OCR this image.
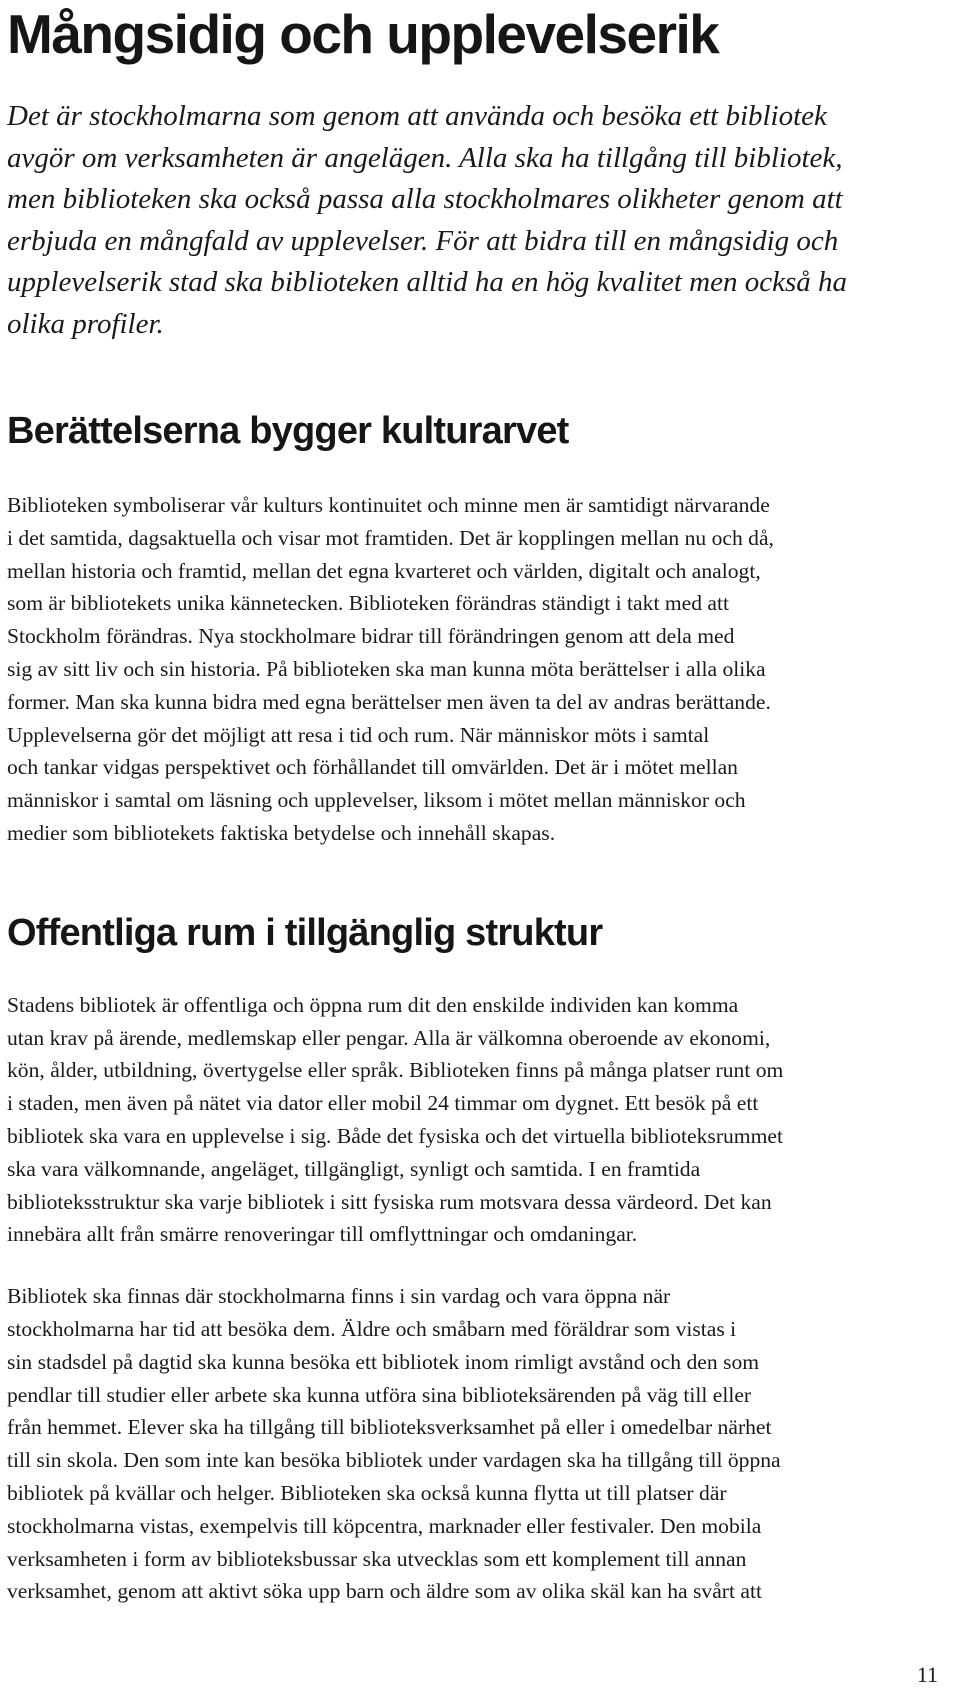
Mångsidig och upplevelserik

Det är stockholmarna som genom att använda och besöka ett bibliotek
avgör om verksamheten är angelägen. Alla ska ha tillgång till bibliotek,
men biblioteken ska också passa alla stockholmares olikheter genom att
erbjuda en mångfald av upplevelser. För att bidra till en mångsidig och
upplevelserik stad ska biblioteken alltid ha en hög kvalitet men också ha
olika profiler.

Berättelserna bygger kulturarvet

Biblioteken symboliserar vår kulturs kontinuitet och minne men är samtidigt närvarande
i det samtida, dagsaktuella och visar mot framtiden. Det är kopplingen mellan nu och då,
mellan historia och framtid, mellan det egna kvarteret och världen, digitalt och analogt,
som är bibliotekets unika kännetecken. Biblioteken förändras ständigt i takt med att
Stockholm förändras. Nya stockholmare bidrar till förändringen genom att dela med
sig av sitt liv och sin historia. På biblioteken ska man kunna möta berättelser i alla olika
former. Man ska kunna bidra med egna berättelser men även ta del av andras berättande.
Upplevelserna gör det möjligt att resa i tid och rum. När människor möts i samtal
och tankar vidgas perspektivet och förhållandet till omvärlden. Det är i mötet mellan
människor i samtal om läsning och upplevelser, liksom i mötet mellan människor och
medier som bibliotekets faktiska betydelse och innehåll skapas.

Offentliga rum i tillgänglig struktur

Stadens bibliotek är offentliga och öppna rum dit den enskilde individen kan komma
utan krav på ärende, medlemskap eller pengar. Alla är välkomna oberoende av ekonomi,
kön, ålder, utbildning, övertygelse eller språk. Biblioteken finns på många platser runt om
i staden, men även på nätet via dator eller mobil 24 timmar om dygnet. Ett besök på ett
bibliotek ska vara en upplevelse i sig. Både det fysiska och det virtuella biblioteksrummet
ska vara välkomnande, angeläget, tillgängligt, synligt och samtida. I en framtida
biblioteksstruktur ska varje bibliotek i sitt fysiska rum motsvara dessa värdeord. Det kan
innebära allt från smärre renoveringar till omflyttningar och omdaningar.

Bibliotek ska finnas där stockholmarna finns i sin vardag och vara öppna när
stockholmarna har tid att besöka dem. Äldre och småbarn med föräldrar som vistas i
sin stadsdel på dagtid ska kunna besöka ett bibliotek inom rimligt avstånd och den som
pendlar till studier eller arbete ska kunna utföra sina biblioteksärenden på väg till eller
från hemmet. Elever ska ha tillgång till biblioteksverksamhet på eller i omedelbar närhet
till sin skola. Den som inte kan besöka bibliotek under vardagen ska ha tillgång till öppna
bibliotek på kvällar och helger. Biblioteken ska också kunna flytta ut till platser där
stockholmarna vistas, exempelvis till köpcentra, marknader eller festivaler. Den mobila
verksamheten i form av biblioteksbussar ska utvecklas som ett komplement till annan
verksamhet, genom att aktivt söka upp barn och äldre som av olika skäl kan ha svårt att

11
